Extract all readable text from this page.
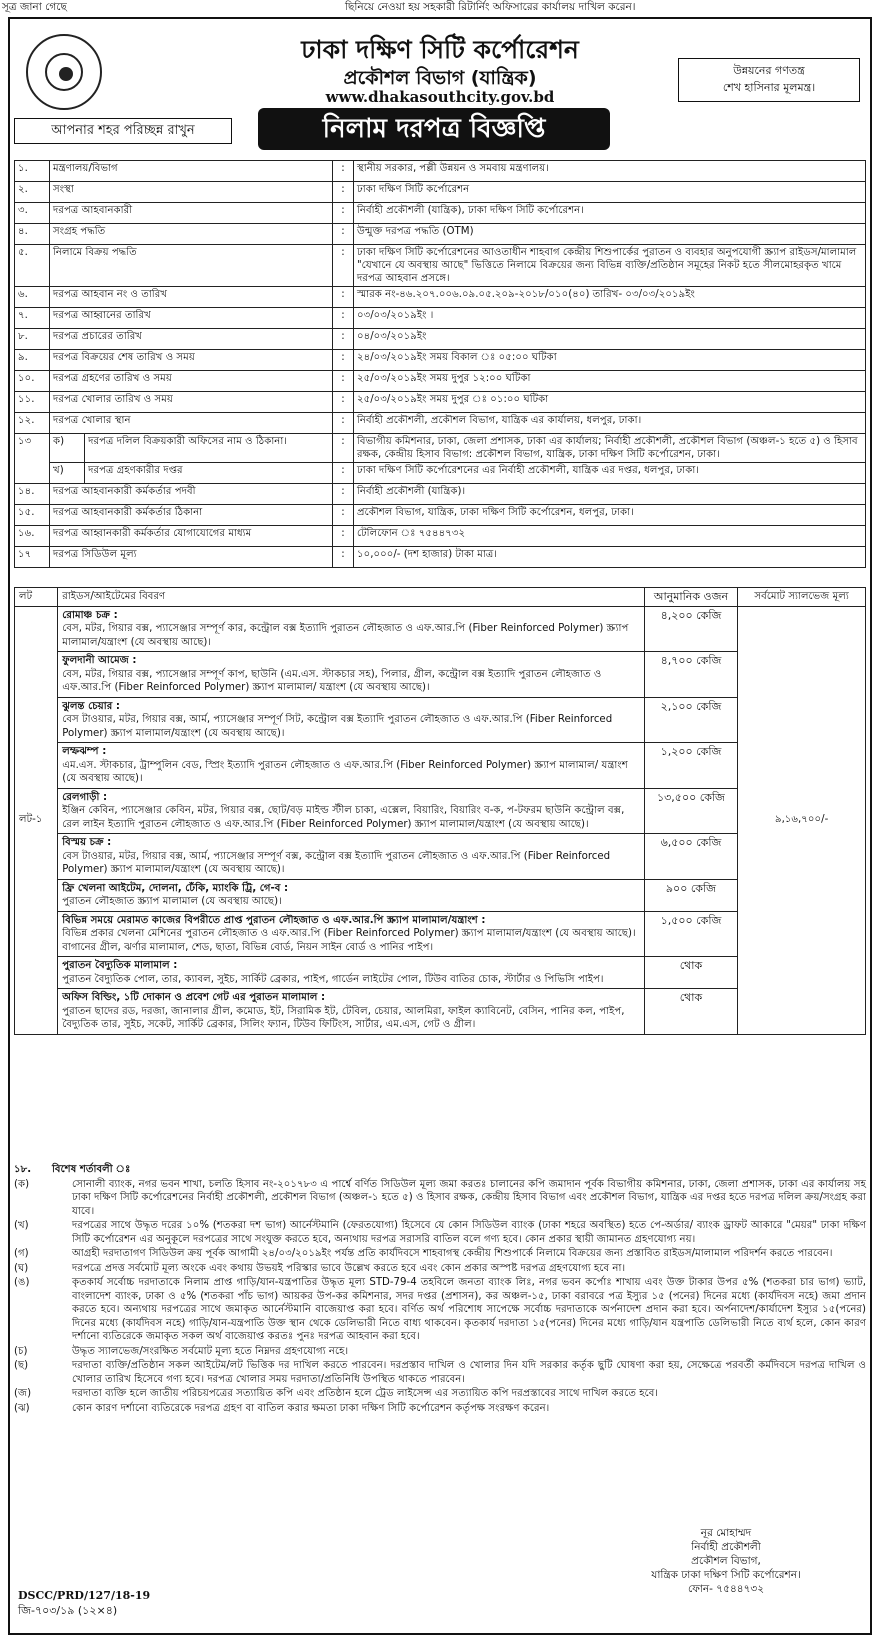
সূত্র জানা গেছে	ছিনিয়ে নেওয়া হয় সহকারী রিটার্নিং অফিসারের কার্যালয় দাখিল করেন।
ঢাকা দক্ষিণ সিটি কর্পোরেশন
প্রকৌশল বিভাগ (যান্ত্রিক)
www.dhakasouthcity.gov.bd
উন্নয়নের গণতন্ত্র
শেখ হাসিনার মূলমন্ত্র।
আপনার শহর পরিচ্ছন্ন রাখুন	নিলাম দরপত্র বিজ্ঞপ্তি
১.	মন্ত্রণালয়/বিভাগ		:	স্থানীয় সরকার, পল্লী উন্নয়ন ও সমবায় মন্ত্রণালয়।
২.	সংস্থা		:	ঢাকা দক্ষিণ সিটি কর্পোরেশন
৩.	দরপত্র আহবানকারী		:	নির্বাহী প্রকৌশলী (যান্ত্রিক), ঢাকা দক্ষিণ সিটি কর্পোরেশন।
৪.	সংগ্রহ পদ্ধতি		:	উন্মুক্ত দরপত্র পদ্ধতি (OTM)
৫.	নিলামে বিক্রয় পদ্ধতি		:	ঢাকা দক্ষিণ সিটি কর্পোরেশনের আওতাধীন শাহবাগ কেন্দ্রীয় শিশুপার্কের পুরাতন ও ব্যবহার অনুপযোগী স্ক্র্যাপ রাইডস/মালামাল "যেখানে যে অবস্থায় আছে" ভিত্তিতে নিলামে বিক্রয়ের জন্য বিভিন্ন ব্যক্তি/প্রতিষ্ঠান সমূহের নিকট হতে সীলমোহরকৃত খামে দরপত্র আহবান প্রসঙ্গে।
৬.	দরপত্র আহবান নং ও তারিখ		:	স্মারক নং-৪৬.২০৭.০০৬.০৯.০৫.২০৯-২০১৮/০১০(৪০) তারিখ- ০৩/০৩/২০১৯ইং
৭.	দরপত্র আহ্বানের তারিখ		:	০৩/০৩/২০১৯ইং ।
৮.	দরপত্র প্রচারের তারিখ		:	০৪/০৩/২০১৯ইং
৯.	দরপত্র বিক্রয়ের শেষ তারিখ ও সময়		:	২৪/০৩/২০১৯ইং সময় বিকাল ঃ ০৫:০০ ঘটিকা
১০.	দরপত্র গ্রহণের তারিখ ও সময়		:	২৫/০৩/২০১৯ইং সময় দুপুর ১২:০০ ঘটিকা
১১.	দরপত্র খোলার তারিখ ও সময়		:	২৫/০৩/২০১৯ইং সময় দুপুর ঃ ০১:০০ ঘটিকা
১২.	দরপত্র খোলার স্থান		:	নির্বাহী প্রকৌশলী, প্রকৌশল বিভাগ, যান্ত্রিক এর কার্যালয়, ধলপুর, ঢাকা।
১৩	ক)	দরপত্র দলিল বিক্রয়কারী অফিসের নাম ও ঠিকানা।	:	বিভাগীয় কমিশনার, ঢাকা, জেলা প্রশাসক, ঢাকা এর কার্যালয়; নির্বাহী প্রকৌশলী, প্রকৌশল বিভাগ (অঞ্চল-১ হতে ৫) ও হিসাব রক্ষক, কেন্দ্রীয় হিসাব বিভাগ: প্রকৌশল বিভাগ, যান্ত্রিক, ঢাকা দক্ষিণ সিটি কর্পোরেশন, ঢাকা।
	খ)	দরপত্র গ্রহণকারীর দপ্তর	:	ঢাকা দক্ষিণ সিটি কর্পোরেশনের এর নির্বাহী প্রকৌশলী, যান্ত্রিক এর দপ্তর, ধলপুর, ঢাকা।
১৪.	দরপত্র আহবানকারী কর্মকর্তার পদবী		:	নির্বাহী প্রকৌশলী (যান্ত্রিক)।
১৫.	দরপত্র আহবানকারী কর্মকর্তার ঠিকানা		:	প্রকৌশল বিভাগ, যান্ত্রিক, ঢাকা দক্ষিণ সিটি কর্পোরেশন, ধলপুর, ঢাকা।
১৬.	দরপত্র আহ্বানকারী কর্মকর্তার যোগাযোগের মাধ্যম		:	টেলিফোন ঃ ৭৫৪৪৭৩২
১৭	দরপত্র সিডিউল মূল্য		:	১০,০০০/- (দশ হাজার) টাকা মাত্র।
লট	রাইডস/আইটেমের বিবরণ	আনুমানিক ওজন	সর্বমোট স্যালভেজ মূল্য
লট-১	রোমাঞ্চ চক্র :
বেস, মটর, গিয়ার বক্স, প্যাসেঞ্জার সম্পূর্ণ কার, কন্ট্রোল বক্স ইত্যাদি পুরাতন লৌহজাত ও এফ.আর.পি (Fiber Reinforced Polymer) স্ক্র্যাপ মালামাল/যন্ত্রাংশ (যে অবস্থায় আছে)।	৪,২০০ কেজি	৯,১৬,৭০০/-

	ফুলদানী আমেজ :
বেস, মটর, গিয়ার বক্স, প্যাসেঞ্জার সম্পূর্ণ কাপ, ছাউনি (এম.এস. স্টাকচার সহ), পিলার, গ্রীল, কন্ট্রোল বক্স ইত্যাদি পুরাতন লৌহজাত ও এফ.আর.পি (Fiber Reinforced Polymer) স্ক্র্যাপ মালামাল/ যন্ত্রাংশ (যে অবস্থায় আছে)।	৪,৭০০ কেজি	

	ঝুলন্ত চেয়ার :
বেস টাওয়ার, মটর, গিয়ার বক্স, আর্ম, প্যাসেঞ্জার সম্পূর্ণ সিট, কন্ট্রোল বক্স ইত্যাদি পুরাতন লৌহজাত ও এফ.আর.পি (Fiber Reinforced Polymer) স্ক্র্যাপ মালামাল/যন্ত্রাংশ (যে অবস্থায় আছে)।	২,১০০ কেজি	

	লম্ফঝম্প :
এম.এস. স্টাকচার, ট্রাম্পুলিন বেড, স্প্রিং ইত্যাদি পুরাতন লৌহজাত ও এফ.আর.পি (Fiber Reinforced Polymer) স্ক্র্যাপ মালামাল/ যন্ত্রাংশ (যে অবস্থায় আছে)।	১,২০০ কেজি	

	রেলগাড়ী :
ইঞ্জিন কেবিন, প্যাসেঞ্জার কেবিন, মটর, গিয়ার বক্স, ছোট/বড় মাইল্ড স্টীল চাকা, এক্সেল, বিয়ারিং, বিয়ারিং ব-ক, প-টফরম ছাউনি কন্ট্রোল বক্স, রেল লাইন ইত্যাদি পুরাতন লৌহজাত ও এফ.আর.পি (Fiber Reinforced Polymer) স্ক্র্যাপ মালামাল/যন্ত্রাংশ (যে অবস্থায় আছে)।	১৩,৫০০ কেজি	

	বিস্ময় চক্র :
বেস টাওয়ার, মটর, গিয়ার বক্স, আর্ম, প্যাসেঞ্জার সম্পূর্ণ বক্স, কন্ট্রোল বক্স ইত্যাদি পুরাতন লৌহজাত ও এফ.আর.পি (Fiber Reinforced Polymer) স্ক্র্যাপ মালামাল/যন্ত্রাংশ (যে অবস্থায় আছে)।	৬,৫০০ কেজি	

	ফ্রি খেলনা আইটেম, দোলনা, ঢেঁকি, ম্যাংকি ট্রি, গে-ব :
পুরাতন লৌহজাত স্ক্র্যাপ মালামাল (যে অবস্থায় আছে)।	৯০০ কেজি	

	বিভিন্ন সময়ে মেরামত কাজের বিপরীতে প্রাপ্ত পুরাতন লৌহজাত ও এফ.আর.পি স্ক্র্যাপ মালামাল/যন্ত্রাংশ :
বিভিন্ন প্রকার খেলনা মেশিনের পুরাতন লৌহজাত ও এফ.আর.পি (Fiber Reinforced Polymer) স্ক্র্যাপ মালামাল/যন্ত্রাংশ (যে অবস্থায় আছে)। বাগানের গ্রীল, ঝর্ণার মালামাল, শেড, ছাতা, বিভিন্ন বোর্ড, নিয়ন সাইন বোর্ড ও পানির পাইপ।	১,৫০০ কেজি	

	পুরাতন বৈদ্যুতিক মালামাল :
পুরাতন বৈদ্যুতিক পোল, তার, ক্যাবল, সুইচ, সার্কিট ব্রেকার, পাইপ, গার্ডেন লাইটের পোল, টিউব বাতির চোক, স্টার্টার ও পিভিসি পাইপ।	থোক	

	অফিস বিল্ডিং, ১টি দোকান ও প্রবেশ গেট এর পুরাতন মালামাল :
পুরাতন ছাদের রড, দরজা, জানালার গ্রীল, কমোড, ইট, সিরামিক ইট, টেবিল, চেয়ার, আলমিরা, ফাইল ক্যাবিনেট, বেসিন, পানির কল, পাইপ, বৈদ্যুতিক তার, সুইচ, সকেট, সার্কিট ব্রেকার, সিলিং ফ্যান, টিউব ফিটিংস, সার্টার, এম.এস, গেট ও গ্রীল।	থোক	
১৮.	বিশেষ শর্তাবলী ঃ
(ক)	সোনালী ব্যাংক, নগর ভবন শাখা, চলতি হিসাব নং-২০১৭৮৩ এ পার্শ্বে বর্ণিত সিডিউল মূল্য জমা করতঃ চালানের কপি জমাদান পূর্বক বিভাগীয় কমিশনার, ঢাকা, জেলা প্রশাসক, ঢাকা এর কার্যালয় সহ ঢাকা দক্ষিণ সিটি কর্পোরেশনের নির্বাহী প্রকৌশলী, প্রকৌশল বিভাগ (অঞ্চল-১ হতে ৫) ও হিসাব রক্ষক, কেন্দ্রীয় হিসাব বিভাগ এবং প্রকৌশল বিভাগ, যান্ত্রিক এর দপ্তর হতে দরপত্র দলিল ক্রয়/সংগ্রহ করা যাবে।
(খ)	দরপত্রের সাথে উদ্ধৃত দরের ১০% (শতকরা দশ ভাগ) আর্নেস্টমানি (ফেরতযোগ্য) হিসেবে যে কোন সিডিউল ব্যাংক (ঢাকা শহরে অবস্থিত) হতে পে-অর্ডার/ ব্যাংক ড্রাফট আকারে "মেয়র" ঢাকা দক্ষিণ সিটি কর্পোরেশন এর অনুকূলে দরপত্রের সাথে সংযুক্ত করতে হবে, অন্যথায় দরপত্র সরাসরি বাতিল বলে গণ্য হবে। কোন প্রকার স্থায়ী জামানত গ্রহণযোগ্য নয়।
(গ)	আগ্রহী দরদাতাগণ সিডিউল ক্রয় পূর্বক আগামী ২৪/০৩/২০১৯ইং পর্যন্ত প্রতি কার্যদিবসে শাহবাগস্থ কেন্দ্রীয় শিশুপার্কে নিলামে বিক্রয়ের জন্য প্রস্তাবিত রাইডস/মালামাল পরিদর্শন করতে পারবেন।
(ঘ)	দরপত্রে প্রদত্ত সর্বমোট মূল্য অংকে এবং কথায় উভয়ই পরিস্কার ভাবে উল্লেখ করতে হবে এবং কোন প্রকার অস্পষ্ট দরপত্র গ্রহণযোগ্য হবে না।
(ঙ)	কৃতকার্য সর্বোচ্চ দরদাতাকে নিলাম প্রাপ্ত গাড়ি/যান-যন্ত্রপাতির উদ্ধৃত মূল্য STD-79-4 তহবিলে জনতা ব্যাংক লিঃ, নগর ভবন কর্পোঃ শাখায় এবং উক্ত টাকার উপর ৫% (শতকরা চার ভাগ) ভ্যাট, বাংলাদেশ ব্যাংক, ঢাকা ও ৫% (শতকরা পাঁচ ভাগ) আয়কর উপ-কর কমিশনার, সদর দপ্তর (প্রশাসন), কর অঞ্চল-১৫, ঢাকা বরাবরে পত্র ইস্যুর ১৫ (পনের) দিনের মধ্যে (কার্যদিবস নহে) জমা প্রদান করতে হবে। অন্যথায় দরপত্রের সাথে জমাকৃত আর্নেস্টমানি বাজেয়াপ্ত করা হবে। বর্ণিত অর্থ পরিশোধ সাপেক্ষে সর্বোচ্চ দরদাতাকে অর্পনাদেশ প্রদান করা হবে। অর্পনাদেশ/কার্যাদেশ ইস্যুর ১৫(পনের) দিনের মধ্যে (কার্যদিবস নহে) গাড়ি/যান-যন্ত্রপাতি উক্ত স্থান থেকে ডেলিভারী নিতে বাধ্য থাকবেন। কৃতকার্য দরদাতা ১৫(পনের) দিনের মধ্যে গাড়ি/যান যন্ত্রপাতি ডেলিভারী নিতে ব্যর্থ হলে, কোন কারণ দর্শানো ব্যতিরেকে জমাকৃত সকল অর্থ বাজেয়াপ্ত করতঃ পুনঃ দরপত্র আহবান করা হবে।
(চ)	উদ্ধৃত স্যালভেজ/সংরক্ষিত সর্বমোট মূল্য হতে নিম্নদর গ্রহণযোগ্য নহে।
(ছ)	দরদাতা ব্যক্তি/প্রতিষ্ঠান সকল আইটেম/লট ভিত্তিক দর দাখিল করতে পারবেন। দরপ্রস্তাব দাখিল ও খোলার দিন যদি সরকার কর্তৃক ছুটি ঘোষণা করা হয়, সেক্ষেত্রে পরবর্তী কর্মদিবসে দরপত্র দাখিল ও খোলার তারিখ হিসেবে গণ্য হবে। দরপত্র খোলার সময় দরদাতা/প্রতিনিধি উপস্থিত থাকতে পারবেন।
(জ)	দরদাতা ব্যক্তি হলে জাতীয় পরিচয়পত্রের সত্যায়িত কপি এবং প্রতিষ্ঠান হলে ট্রেড লাইসেন্স এর সত্যায়িত কপি দরপ্রস্তাবের সাথে দাখিল করতে হবে।
(ঝ)	কোন কারণ দর্শানো ব্যতিরেকে দরপত্র গ্রহণ বা বাতিল করার ক্ষমতা ঢাকা দক্ষিণ সিটি কর্পোরেশন কর্তৃপক্ষ সংরক্ষণ করেন।
নূর মোহাম্মদ
নির্বাহী প্রকৌশলী
প্রকৌশল বিভাগ,
যান্ত্রিক ঢাকা দক্ষিণ সিটি কর্পোরেশন।
ফোন- ৭৫৪৪৭৩২
DSCC/PRD/127/18-19
জি-৭০৩/১৯ (১২×৪)
